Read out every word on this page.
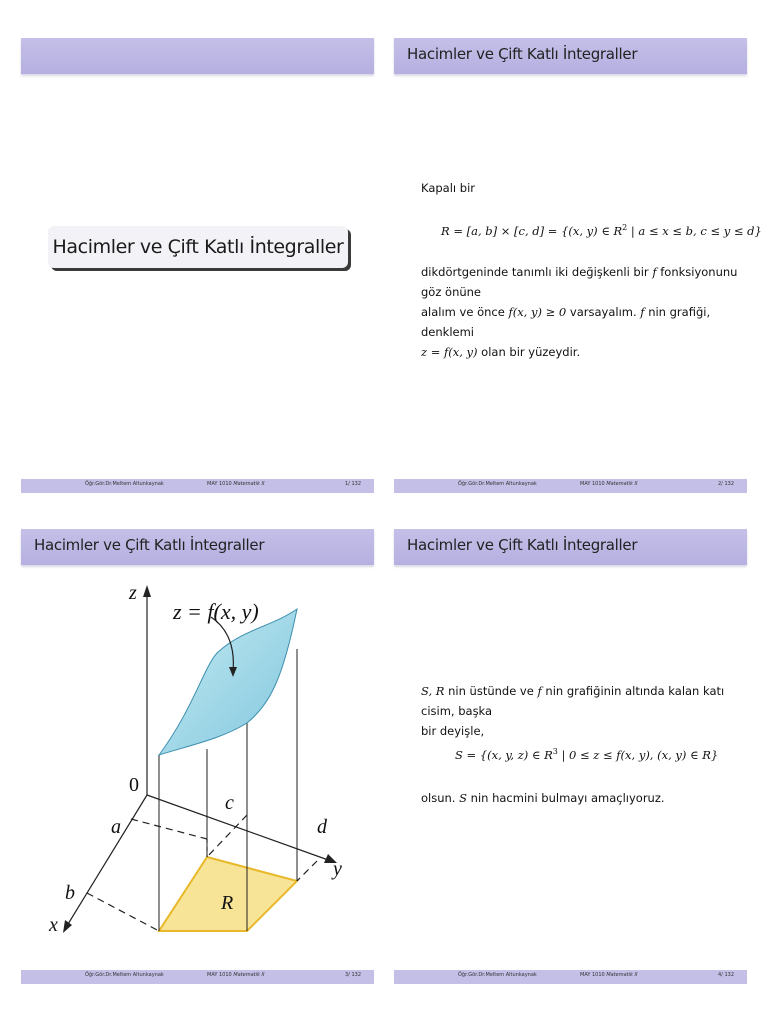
Hacimler ve Çift Katlı İntegraller
Öğr.Gör.Dr.Meltem Altunkaynak	MAY 1010 Matematik II	1/ 132
Hacimler ve Çift Katlı İntegraller
Kapalı bir
R = [a, b] × [c, d] = {(x, y) ∈ $R^2$ | a ≤ x ≤ b, c ≤ y ≤ d}
dikdörtgeninde tanımlı iki değişkenli bir f fonksiyonunu göz önüne
alalım ve önce f(x, y) ≥ 0 varsayalım. f nin grafiği, denklemi
z = f(x, y) olan bir yüzeydir.
Öğr.Gör.Dr.Meltem Altunkaynak	MAY 1010 Matematik II	2/ 132
Hacimler ve Çift Katlı İntegraller
z
z = f(x, y)
0
a
b
c
d
x
y
R
Öğr.Gör.Dr.Meltem Altunkaynak	MAY 1010 Matematik II	3/ 132
Hacimler ve Çift Katlı İntegraller
S, R nin üstünde ve f nin grafiğinin altında kalan katı cisim, başka
bir deyişle,
S = {(x, y, z) ∈ $R^3$ | 0 ≤ z ≤ f(x, y), (x, y) ∈ R}
olsun. S nin hacmini bulmayı amaçlıyoruz.
Öğr.Gör.Dr.Meltem Altunkaynak	MAY 1010 Matematik II	4/ 132
